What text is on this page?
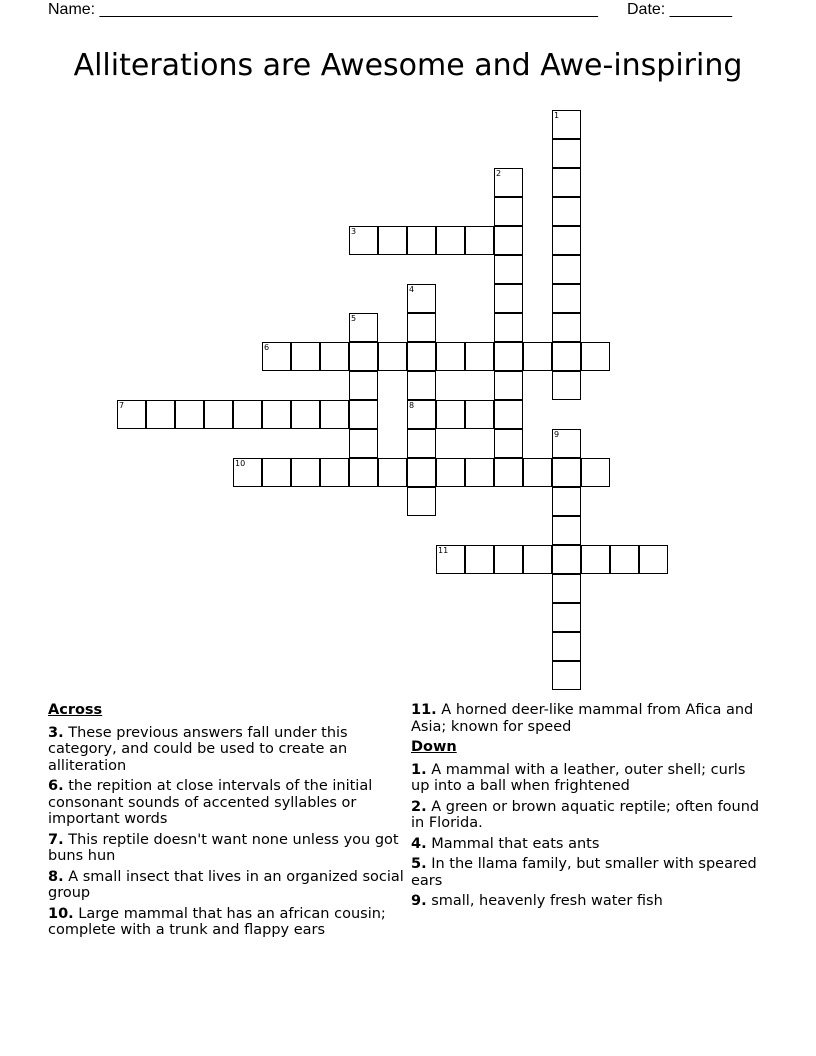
Name: ________________________________________________________ Date: _______
Alliterations are Awesome and Awe-inspiring
1
2
3
4
8
5
6
7
9
10
11
Across
3. These previous answers fall under this category, and could be used to create an alliteration
6. the repition at close intervals of the initial consonant sounds of accented syllables or important words
7. This reptile doesn't want none unless you got buns hun
8. A small insect that lives in an organized social group
10. Large mammal that has an african cousin; complete with a trunk and flappy ears
11. A horned deer-like mammal from Afica and Asia; known for speed
Down
1. A mammal with a leather, outer shell; curls up into a ball when frightened
2. A green or brown aquatic reptile; often found in Florida.
4. Mammal that eats ants
5. In the llama family, but smaller with speared ears
9. small, heavenly fresh water fish
